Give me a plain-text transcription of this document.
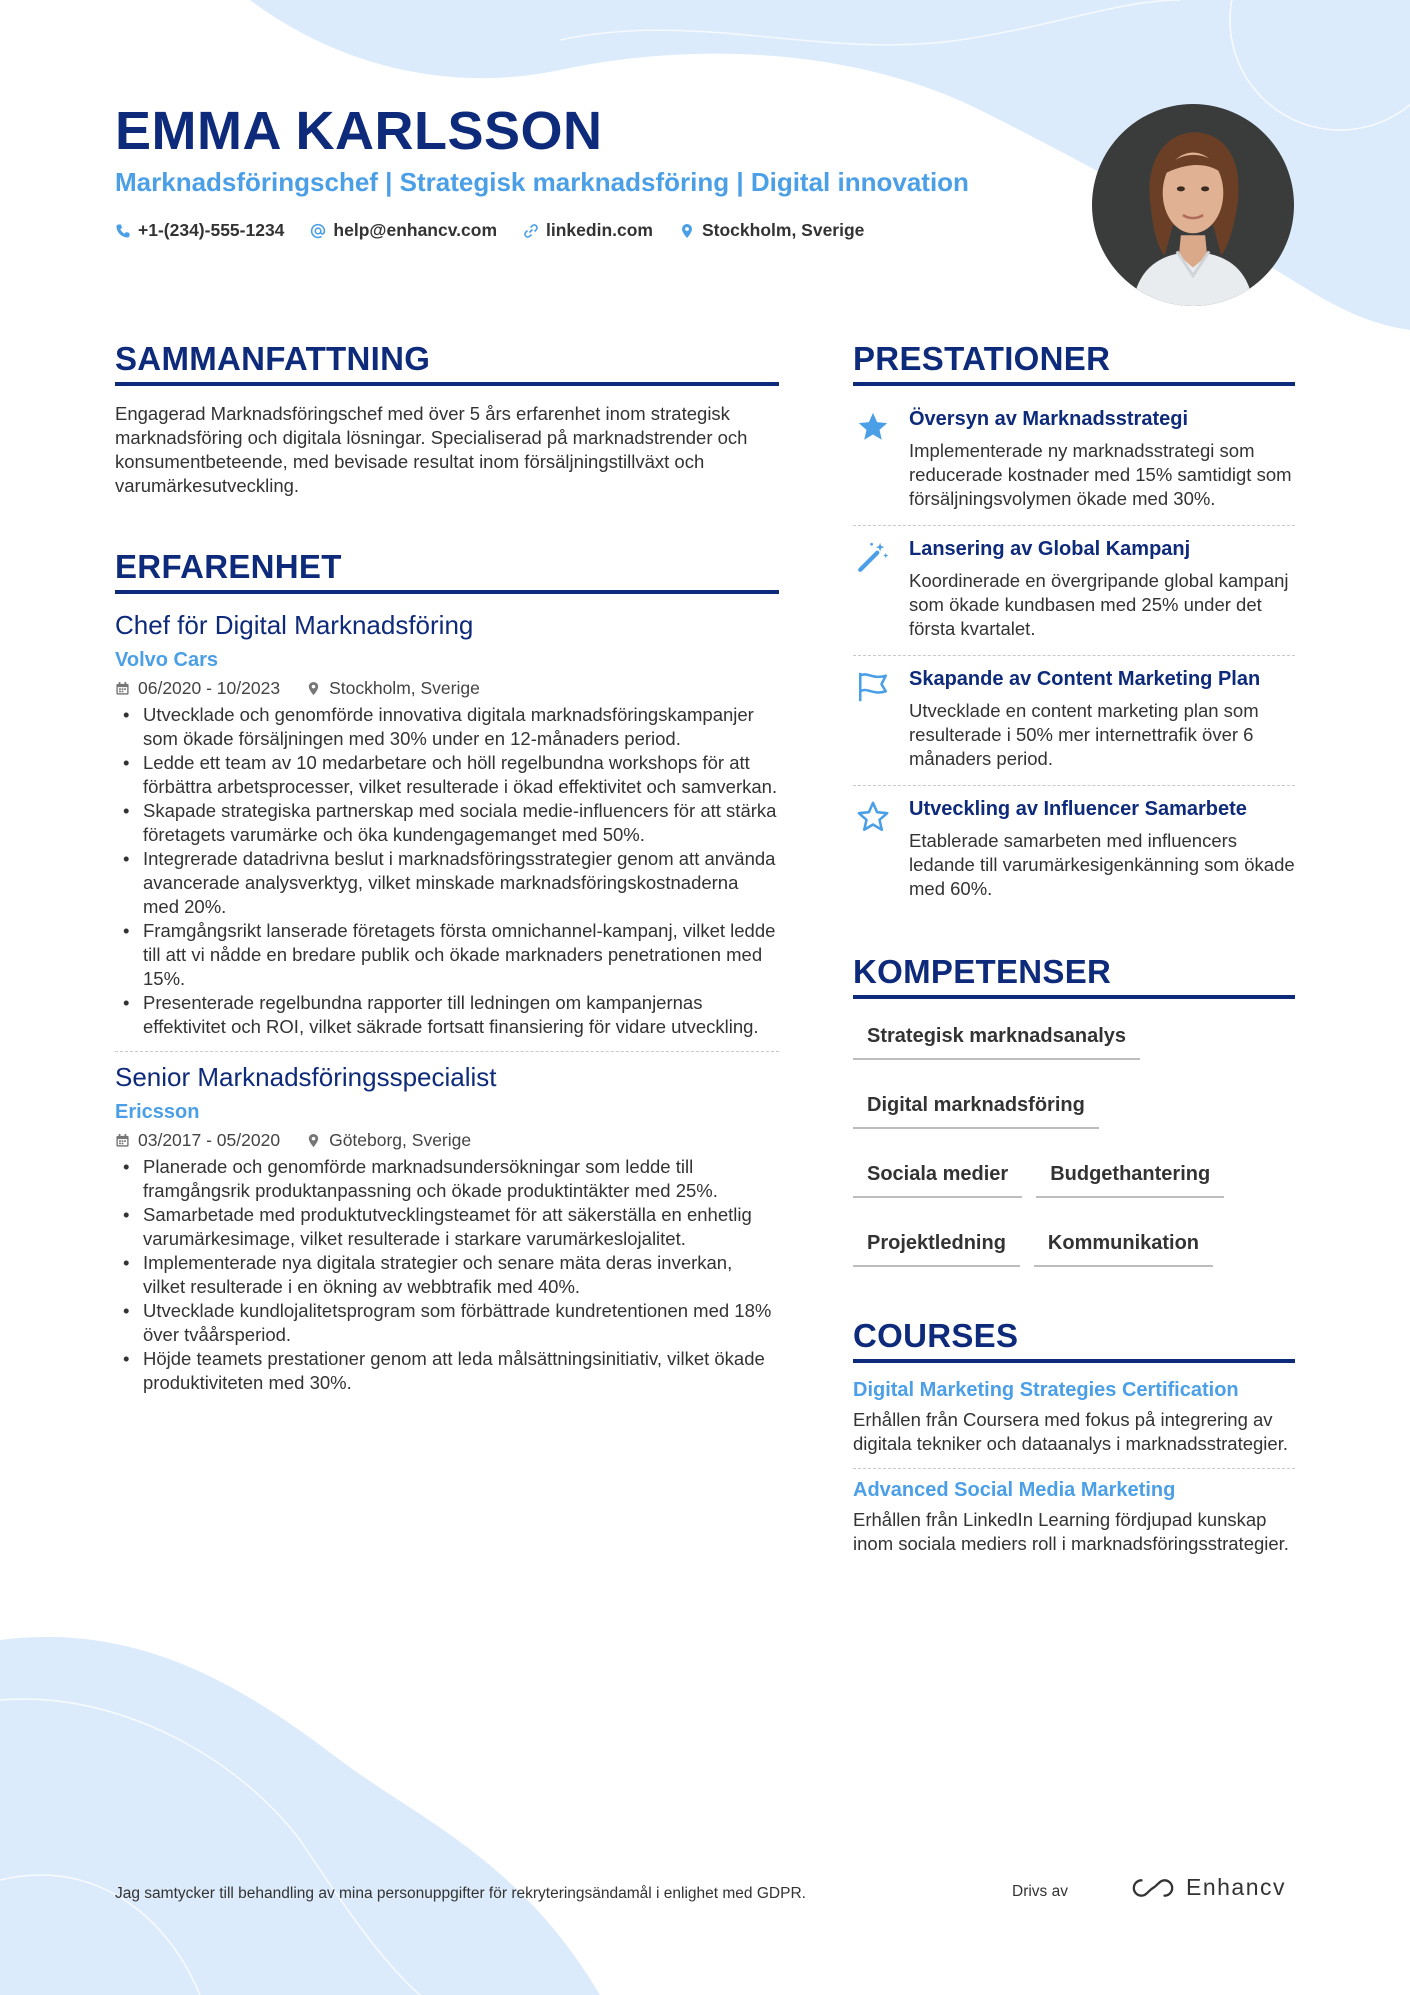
EMMA KARLSSON
Marknadsföringschef | Strategisk marknadsföring | Digital innovation
+1-(234)-555-1234	help@enhancv.com	linkedin.com	Stockholm, Sverige
SAMMANFATTNING
Engagerad Marknadsföringschef med över 5 års erfarenhet inom strategisk marknadsföring och digitala lösningar. Specialiserad på marknadstrender och konsumentbeteende, med bevisade resultat inom försäljningstillväxt och varumärkesutveckling.
ERFARENHET
Chef för Digital Marknadsföring
Volvo Cars
06/2020 - 10/2023	Stockholm, Sverige
• Utvecklade och genomförde innovativa digitala marknadsföringskampanjer som ökade försäljningen med 30% under en 12-månaders period.
• Ledde ett team av 10 medarbetare och höll regelbundna workshops för att förbättra arbetsprocesser, vilket resulterade i ökad effektivitet och samverkan.
• Skapade strategiska partnerskap med sociala medie-influencers för att stärka företagets varumärke och öka kundengagemanget med 50%.
• Integrerade datadrivna beslut i marknadsföringsstrategier genom att använda avancerade analysverktyg, vilket minskade marknadsföringskostnaderna med 20%.
• Framgångsrikt lanserade företagets första omnichannel-kampanj, vilket ledde till att vi nådde en bredare publik och ökade marknaders penetrationen med 15%.
• Presenterade regelbundna rapporter till ledningen om kampanjernas effektivitet och ROI, vilket säkrade fortsatt finansiering för vidare utveckling.
Senior Marknadsföringsspecialist
Ericsson
03/2017 - 05/2020	Göteborg, Sverige
• Planerade och genomförde marknadsundersökningar som ledde till framgångsrik produktanpassning och ökade produktintäkter med 25%.
• Samarbetade med produktutvecklingsteamet för att säkerställa en enhetlig varumärkesimage, vilket resulterade i starkare varumärkeslojalitet.
• Implementerade nya digitala strategier och senare mäta deras inverkan, vilket resulterade i en ökning av webbtrafik med 40%.
• Utvecklade kundlojalitetsprogram som förbättrade kundretentionen med 18% över tvåårsperiod.
• Höjde teamets prestationer genom att leda målsättningsinitiativ, vilket ökade produktiviteten med 30%.
PRESTATIONER
Översyn av Marknadsstrategi
Implementerade ny marknadsstrategi som reducerade kostnader med 15% samtidigt som försäljningsvolymen ökade med 30%.
Lansering av Global Kampanj
Koordinerade en övergripande global kampanj som ökade kundbasen med 25% under det första kvartalet.
Skapande av Content Marketing Plan
Utvecklade en content marketing plan som resulterade i 50% mer internettrafik över 6 månaders period.
Utveckling av Influencer Samarbete
Etablerade samarbeten med influencers ledande till varumärkesigenkänning som ökade med 60%.
KOMPETENSER
Strategisk marknadsanalys
Digital marknadsföring
Sociala medier	Budgethantering
Projektledning	Kommunikation
COURSES
Digital Marketing Strategies Certification
Erhållen från Coursera med fokus på integrering av digitala tekniker och dataanalys i marknadsstrategier.
Advanced Social Media Marketing
Erhållen från LinkedIn Learning fördjupad kunskap inom sociala mediers roll i marknadsföringsstrategier.
Jag samtycker till behandling av mina personuppgifter för rekryteringsändamål i enlighet med GDPR.	Drivs av	Enhancv
